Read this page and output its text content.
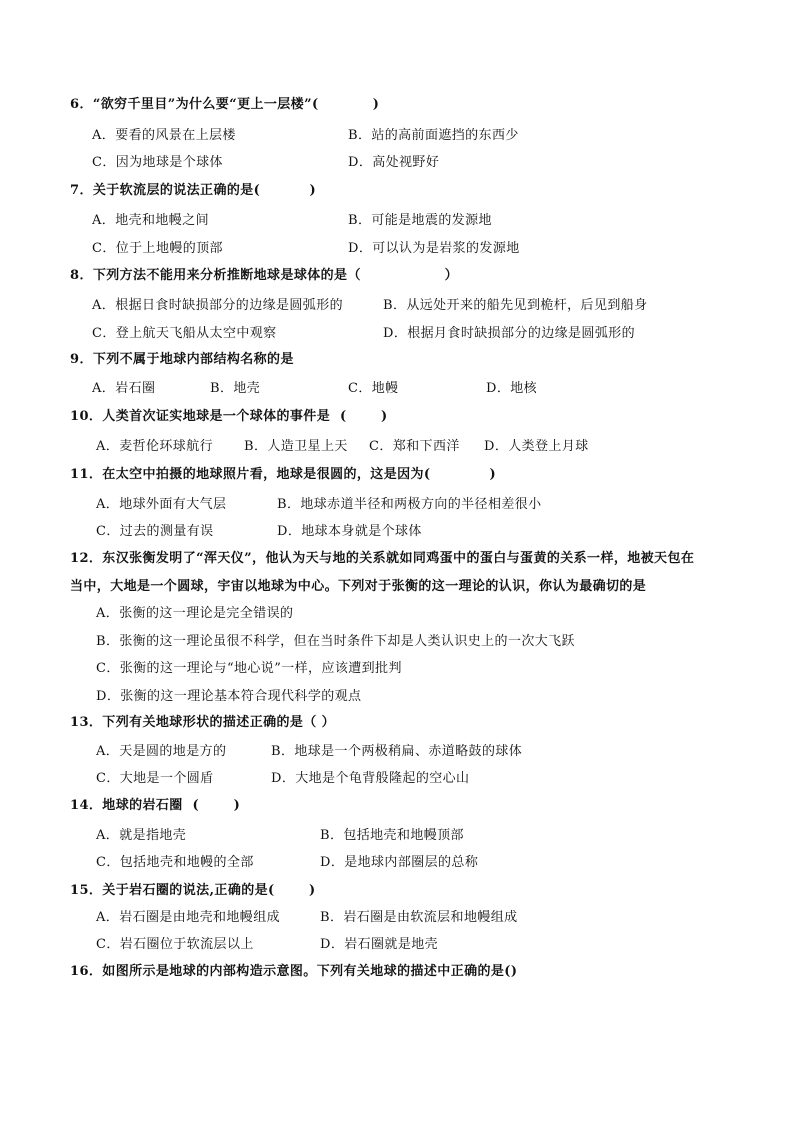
6．“欲穷千里目”为什么要“更上一层楼”(           )
A．要看的风景在上层楼	B．站的高前面遮挡的东西少
C．因为地球是个球体	D．高处视野好
7．关于软流层的说法正确的是(          )
A．地壳和地幔之间	B．可能是地震的发源地
C．位于上地幔的顶部	D．可以认为是岩浆的发源地
8．下列方法不能用来分析推断地球是球体的是（                 ）
A．根据日食时缺损部分的边缘是圆弧形的	B．从远处开来的船先见到桅杆，后见到船身
C．登上航天飞船从太空中观察	D．根据月食时缺损部分的边缘是圆弧形的
9．下列不属于地球内部结构名称的是
A．岩石圈	B．地壳	C．地幔	D．地核
10．人类首次证实地球是一个球体的事件是  (       )
A．麦哲伦环球航行 B．人造卫星上天 C．郑和下西洋 D．人类登上月球
11．在太空中拍摄的地球照片看，地球是很圆的，这是因为(            )
A．地球外面有大气层	B．地球赤道半径和两极方向的半径相差很小
C．过去的测量有误	D．地球本身就是个球体
12．东汉张衡发明了“浑天仪”，他认为天与地的关系就如同鸡蛋中的蛋白与蛋黄的关系一样，地被天包在
当中，大地是一个圆球，宇宙以地球为中心。下列对于张衡的这一理论的认识，你认为最确切的是
A．张衡的这一理论是完全错误的
B．张衡的这一理论虽很不科学，但在当时条件下却是人类认识史上的一次大飞跃
C．张衡的这一理论与“地心说”一样，应该遭到批判
D．张衡的这一理论基本符合现代科学的观点
13．下列有关地球形状的描述正确的是（ ）
A．天是圆的地是方的	B．地球是一个两极稍扁、赤道略鼓的球体
C．大地是一个圆盾	D．大地是个龟背般隆起的空心山
14．地球的岩石圈  (       )
A．就是指地壳	B．包括地壳和地幔顶部
C．包括地壳和地幔的全部	D．是地球内部圈层的总称
15．关于岩石圈的说法,正确的是(       )
A．岩石圈是由地壳和地幔组成	B．岩石圈是由软流层和地幔组成
C．岩石圈位于软流层以上	D．岩石圈就是地壳
16．如图所示是地球的内部构造示意图。下列有关地球的描述中正确的是()
